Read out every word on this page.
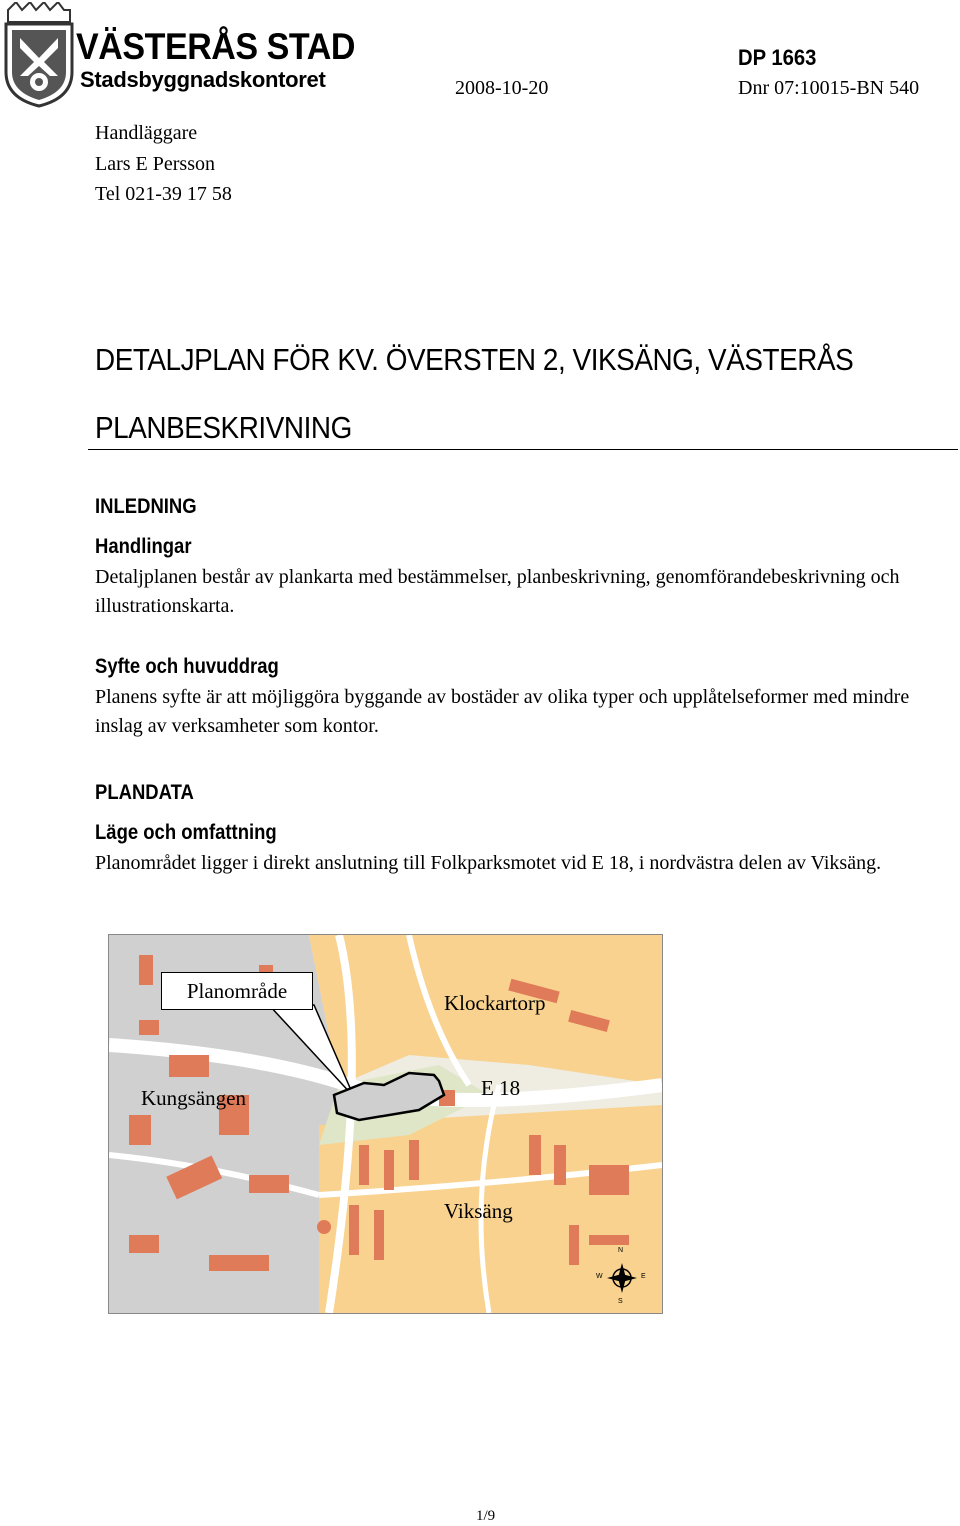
VÄSTERÅS STAD
Stadsbyggnadskontoret
DP 1663
2008-10-20	Dnr 07:10015-BN 540
Handläggare
Lars E Persson
Tel 021-39 17 58
DETALJPLAN FÖR KV. ÖVERSTEN 2, VIKSÄNG, VÄSTERÅS
PLANBESKRIVNING
INLEDNING
Handlingar
Detaljplanen består av plankarta med bestämmelser, planbeskrivning, genomförandebeskrivning och illustrationskarta.
Syfte och huvuddrag
Planens syfte är att möjliggöra byggande av bostäder av olika typer och upplåtelseformer med mindre inslag av verksamheter som kontor.
PLANDATA
Läge och omfattning
Planområdet ligger i direkt anslutning till Folkparksmotet vid E 18, i nordvästra delen av Viksäng.
Planområde	Klockartorp
Kungsängen	E 18
Viksäng
N
S
E
W
1/9
